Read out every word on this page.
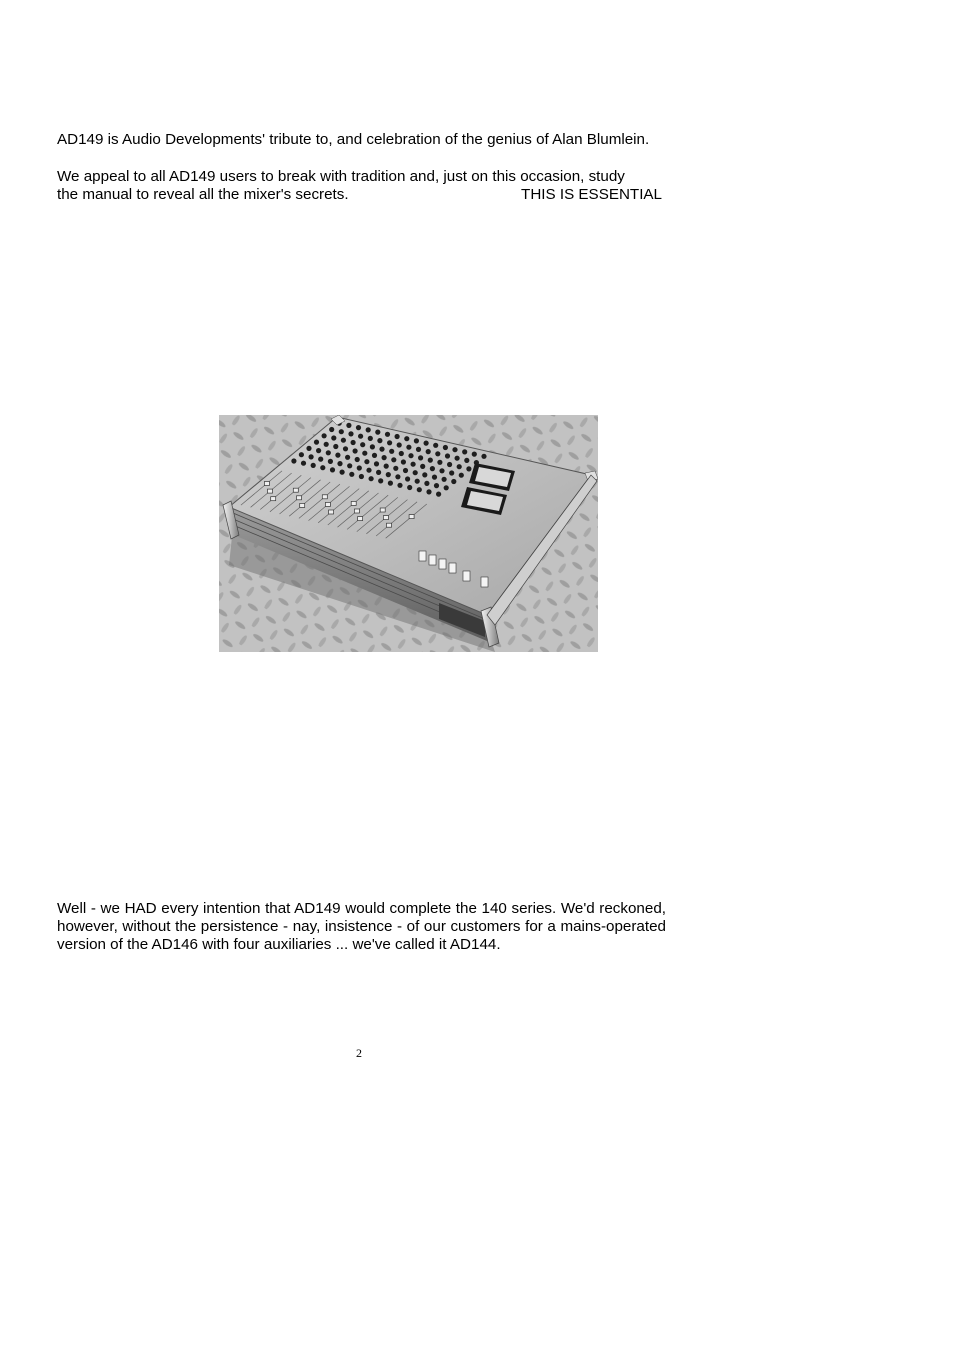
AD149 is Audio Developments' tribute to, and celebration of the genius of Alan Blumlein.

We appeal to all AD149 users to break with tradition and, just on this occasion, study
the manual to reveal all the mixer's secrets.	THIS IS ESSENTIAL

Well - we HAD every intention that AD149 would complete the 140 series. We'd reckoned, however, without the persistence - nay, insistence - of our customers for a mains-operated version of the AD146 with four auxiliaries ... we've called it AD144.

2
